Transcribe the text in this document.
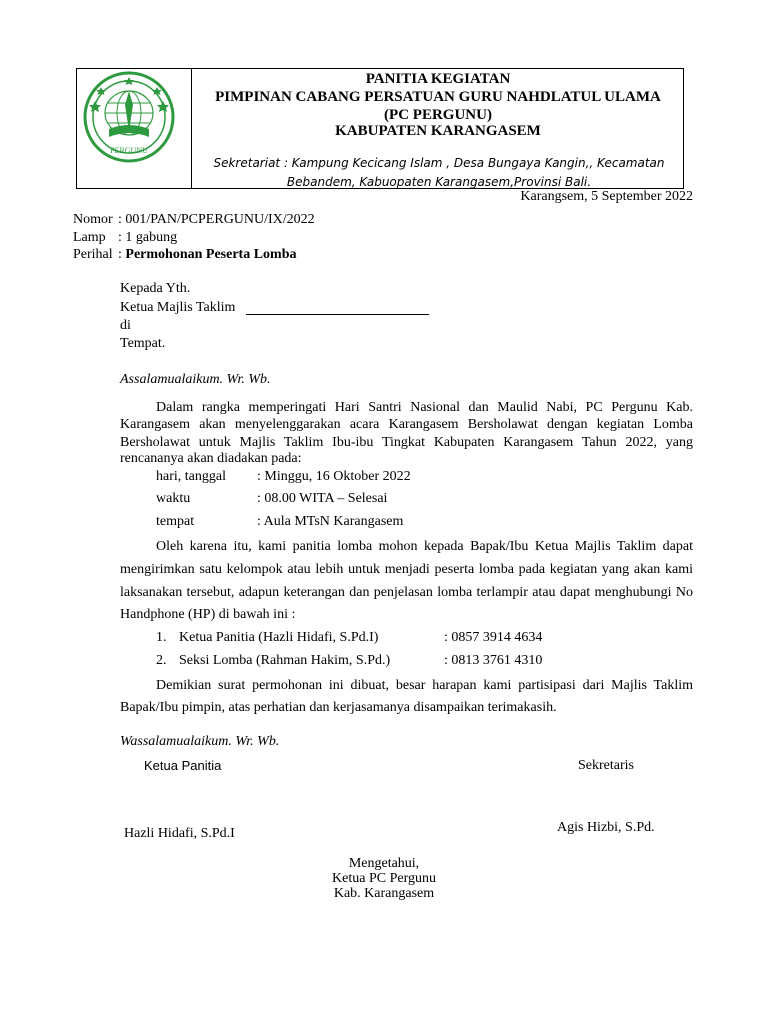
PERGUNU
PANITIA KEGIATAN
PIMPINAN CABANG PERSATUAN GURU NAHDLATUL ULAMA
(PC PERGUNU)
KABUPATEN KARANGASEM
Sekretariat : Kampung Kecicang Islam , Desa Bungaya Kangin,, Kecamatan
Bebandem, Kabuopaten Karangasem,Provinsi Bali.
Karangsem, 5 September 2022
Nomor : 001/PAN/PCPERGUNU/IX/2022
Lamp : 1 gabung
Perihal : Permohonan Peserta Lomba
Kepada Yth.
Ketua Majlis Taklim
di
Tempat.
Assalamualaikum. Wr. Wb.
Dalam rangka memperingati Hari Santri Nasional dan Maulid Nabi, PC Pergunu Kab.
Karangasem akan menyelenggarakan acara Karangasem Bersholawat dengan kegiatan Lomba
Bersholawat untuk Majlis Taklim Ibu-ibu Tingkat Kabupaten Karangasem Tahun 2022, yang
rencananya akan diadakan pada:
hari, tanggal : Minggu, 16 Oktober 2022
waktu	: 08.00 WITA – Selesai
tempat	: Aula MTsN Karangasem
Oleh karena itu, kami panitia lomba mohon kepada Bapak/Ibu Ketua Majlis Taklim dapat
mengirimkan satu kelompok atau lebih untuk menjadi peserta lomba pada kegiatan yang akan kami
laksanakan tersebut, adapun keterangan dan penjelasan lomba terlampir atau dapat menghubungi No
Handphone (HP) di bawah ini :
1. Ketua Panitia (Hazli Hidafi, S.Pd.I)	: 0857 3914 4634
2. Seksi Lomba (Rahman Hakim, S.Pd.)	: 0813 3761 4310
Demikian surat permohonan ini dibuat, besar harapan kami partisipasi dari Majlis Taklim
Bapak/Ibu pimpin, atas perhatian dan kerjasamanya disampaikan terimakasih.
Wassalamualaikum. Wr. Wb.
Ketua Panitia	Sekretaris
Hazli Hidafi, S.Pd.I	Agis Hizbi, S.Pd.
Mengetahui,
Ketua PC Pergunu
Kab. Karangasem
